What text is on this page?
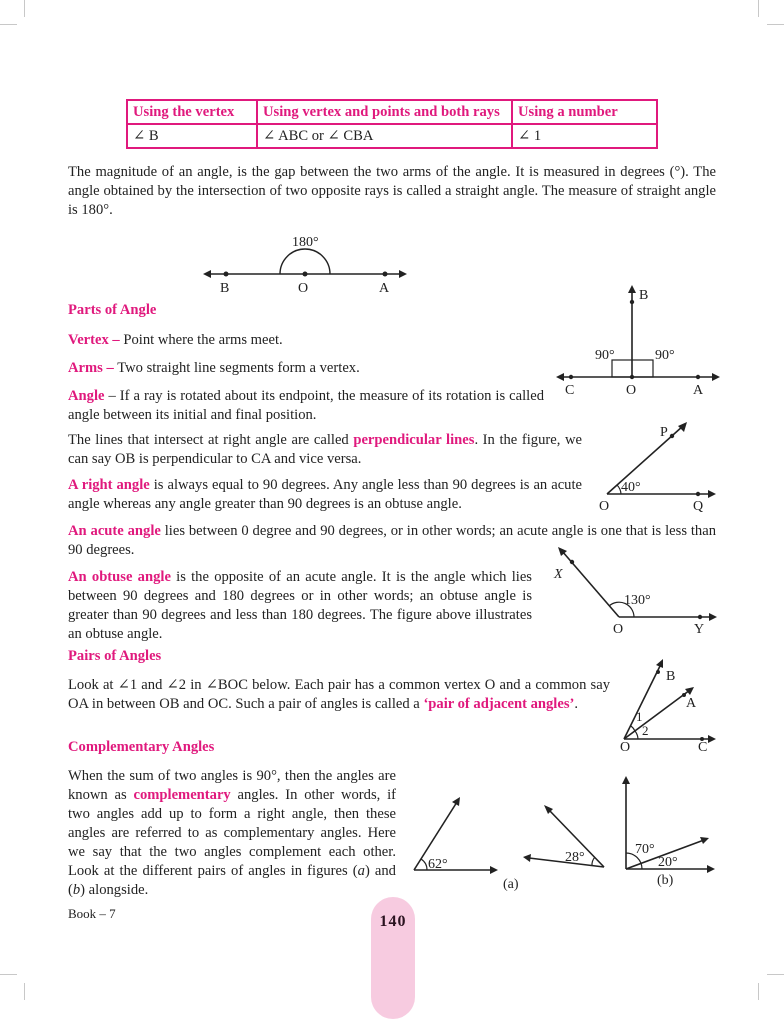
Using the vertex	Using vertex and points and both rays	Using a number
∠ B	∠ ABC or ∠ CBA	∠ 1

The magnitude of an angle, is the gap between the two arms of the angle. It is measured in degrees (°). The angle obtained by the intersection of two opposite rays is called a straight angle. The measure of straight angle is 180°.

180°
B	O	A
Parts of Angle

Vertex – Point where the arms meet.

Arms – Two straight line segments form a vertex.

Angle – If a ray is rotated about its endpoint, the measure of its rotation is called angle between its initial and final position.

B
C	O	A
90°	90°

The lines that intersect at right angle are called perpendicular lines. In the figure, we can say OB is perpendicular to CA and vice versa.

P
O	Q
40°

A right angle is always equal to 90 degrees. Any angle less than 90 degrees is an acute angle whereas any angle greater than 90 degrees is an obtuse angle.

An acute angle lies between 0 degree and 90 degrees, or in other words; an acute angle is one that is less than 90 degrees.

X
O	Y
130°

An obtuse angle is the opposite of an acute angle. It is the angle which lies between 90 degrees and 180 degrees or in other words; an obtuse angle is greater than 90 degrees and less than 180 degrees. The figure above illustrates an obtuse angle.

Pairs of Angles

Look at ∠1 and ∠2 in ∠BOC below. Each pair has a common vertex O and a common say OA in between OB and OC. Such a pair of angles is called a ‘pair of adjacent angles’.

B
A
O	C
1
2
Complementary Angles

When the sum of two angles is 90°, then the angles are known as complementary angles. In other words, if two angles add up to form a right angle, then these angles are referred to as complementary angles. Here we say that the two angles complement each other. Look at the different pairs of angles in figures (a) and (b) alongside.

62°	28°
(a)
70°
20°
(b)
Book – 7	140
